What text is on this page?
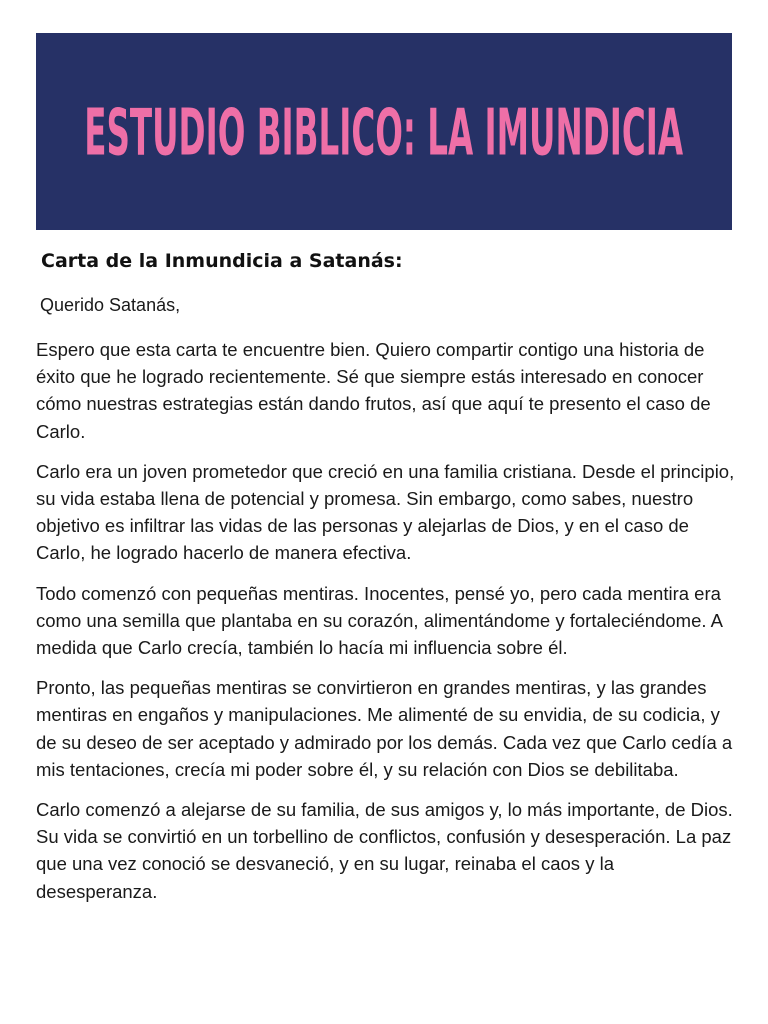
ESTUDIO BIBLICO: LA IMUNDICIA
Carta de la Inmundicia a Satanás:
Querido Satanás,

Espero que esta carta te encuentre bien. Quiero compartir contigo una historia de éxito que he logrado recientemente. Sé que siempre estás interesado en conocer cómo nuestras estrategias están dando frutos, así que aquí te presento el caso de Carlo.

Carlo era un joven prometedor que creció en una familia cristiana. Desde el principio, su vida estaba llena de potencial y promesa. Sin embargo, como sabes, nuestro objetivo es infiltrar las vidas de las personas y alejarlas de Dios, y en el caso de Carlo, he logrado hacerlo de manera efectiva.

Todo comenzó con pequeñas mentiras. Inocentes, pensé yo, pero cada mentira era como una semilla que plantaba en su corazón, alimentándome y fortaleciéndome. A medida que Carlo crecía, también lo hacía mi influencia sobre él.

Pronto, las pequeñas mentiras se convirtieron en grandes mentiras, y las grandes mentiras en engaños y manipulaciones. Me alimenté de su envidia, de su codicia, y de su deseo de ser aceptado y admirado por los demás. Cada vez que Carlo cedía a mis tentaciones, crecía mi poder sobre él, y su relación con Dios se debilitaba.

Carlo comenzó a alejarse de su familia, de sus amigos y, lo más importante, de Dios. Su vida se convirtió en un torbellino de conflictos, confusión y desesperación. La paz que una vez conoció se desvaneció, y en su lugar, reinaba el caos y la desesperanza.
